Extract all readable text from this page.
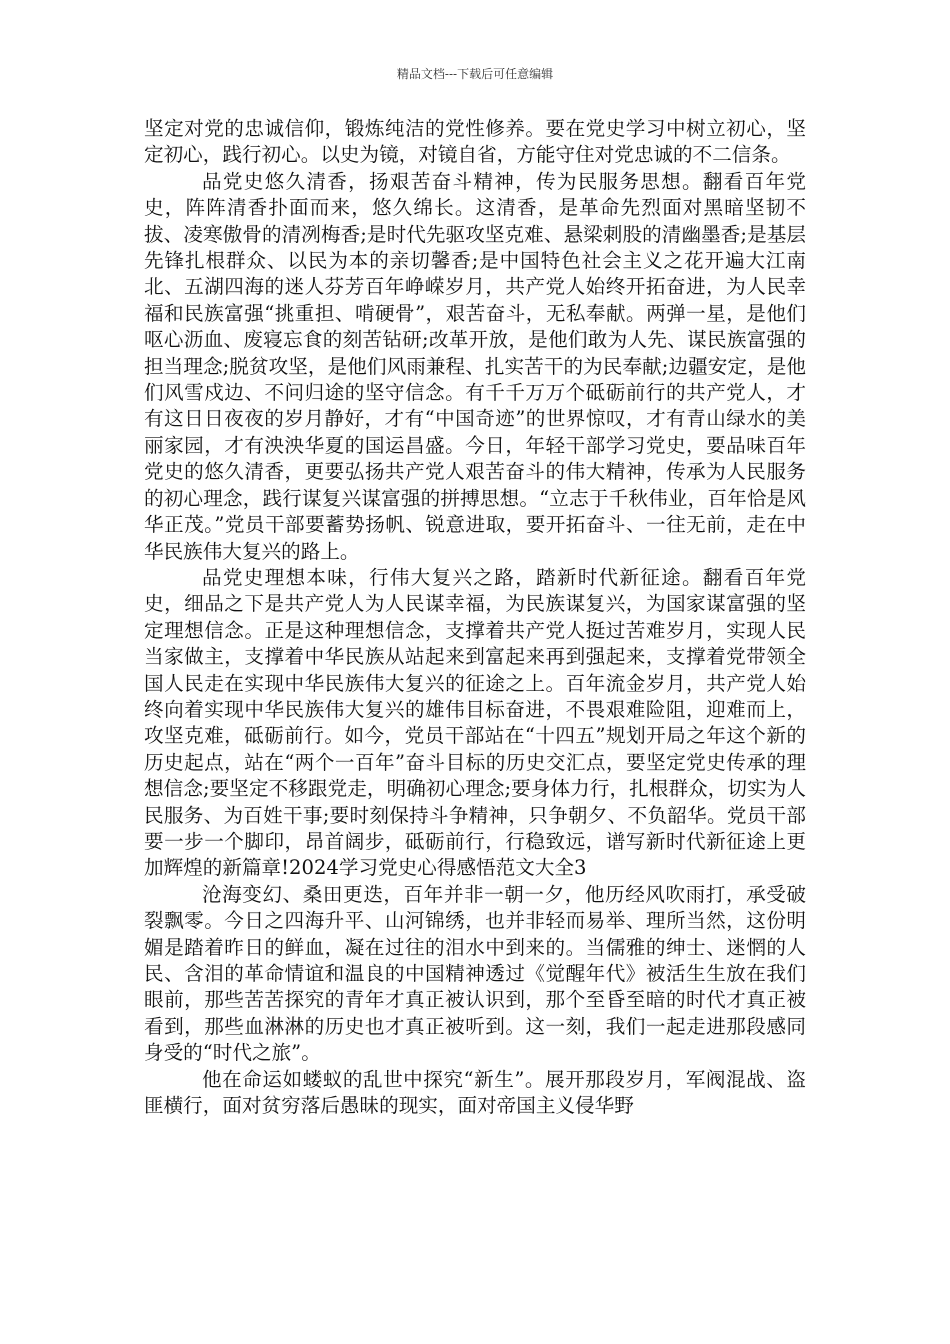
精品文档---下载后可任意编辑

坚定对党的忠诚信仰，锻炼纯洁的党性修养。要在党史学习中树立初心，坚定初心，践行初心。以史为镜，对镜自省，方能守住对党忠诚的不二信条。

品党史悠久清香，扬艰苦奋斗精神，传为民服务思想。翻看百年党史，阵阵清香扑面而来，悠久绵长。这清香，是革命先烈面对黑暗坚韧不拔、凌寒傲骨的清冽梅香;是时代先驱攻坚克难、悬梁刺股的清幽墨香;是基层先锋扎根群众、以民为本的亲切馨香;是中国特色社会主义之花开遍大江南北、五湖四海的迷人芬芳百年峥嵘岁月，共产党人始终开拓奋进，为人民幸福和民族富强“挑重担、啃硬骨”，艰苦奋斗，无私奉献。两弹一星，是他们呕心沥血、废寝忘食的刻苦钻研;改革开放，是他们敢为人先、谋民族富强的担当理念;脱贫攻坚，是他们风雨兼程、扎实苦干的为民奉献;边疆安定，是他们风雪戍边、不问归途的坚守信念。有千千万万个砥砺前行的共产党人，才有这日日夜夜的岁月静好，才有“中国奇迹”的世界惊叹，才有青山绿水的美丽家园，才有泱泱华夏的国运昌盛。今日，年轻干部学习党史，要品味百年党史的悠久清香，更要弘扬共产党人艰苦奋斗的伟大精神，传承为人民服务的初心理念，践行谋复兴谋富强的拼搏思想。“立志于千秋伟业，百年恰是风华正茂。”党员干部要蓄势扬帆、锐意进取，要开拓奋斗、一往无前，走在中华民族伟大复兴的路上。

品党史理想本味，行伟大复兴之路，踏新时代新征途。翻看百年党史，细品之下是共产党人为人民谋幸福，为民族谋复兴，为国家谋富强的坚定理想信念。正是这种理想信念，支撑着共产党人挺过苦难岁月，实现人民当家做主，支撑着中华民族从站起来到富起来再到强起来，支撑着党带领全国人民走在实现中华民族伟大复兴的征途之上。百年流金岁月，共产党人始终向着实现中华民族伟大复兴的雄伟目标奋进，不畏艰难险阻，迎难而上，攻坚克难，砥砺前行。如今，党员干部站在“十四五”规划开局之年这个新的历史起点，站在“两个一百年”奋斗目标的历史交汇点，要坚定党史传承的理想信念;要坚定不移跟党走，明确初心理念;要身体力行，扎根群众，切实为人民服务、为百姓干事;要时刻保持斗争精神，只争朝夕、不负韶华。党员干部要一步一个脚印，昂首阔步，砥砺前行，行稳致远，谱写新时代新征途上更加辉煌的新篇章!2024学习党史心得感悟范文大全3

沧海变幻、桑田更迭，百年并非一朝一夕，他历经风吹雨打，承受破裂飘零。今日之四海升平、山河锦绣，也并非轻而易举、理所当然，这份明媚是踏着昨日的鲜血，凝在过往的泪水中到来的。当儒雅的绅士、迷惘的人民、含泪的革命情谊和温良的中国精神透过《觉醒年代》被活生生放在我们眼前，那些苦苦探究的青年才真正被认识到，那个至昏至暗的时代才真正被看到，那些血淋淋的历史也才真正被听到。这一刻，我们一起走进那段感同身受的“时代之旅”。

他在命运如蝼蚁的乱世中探究“新生”。展开那段岁月，军阀混战、盗匪横行，面对贫穷落后愚昧的现实，面对帝国主义侵华野
